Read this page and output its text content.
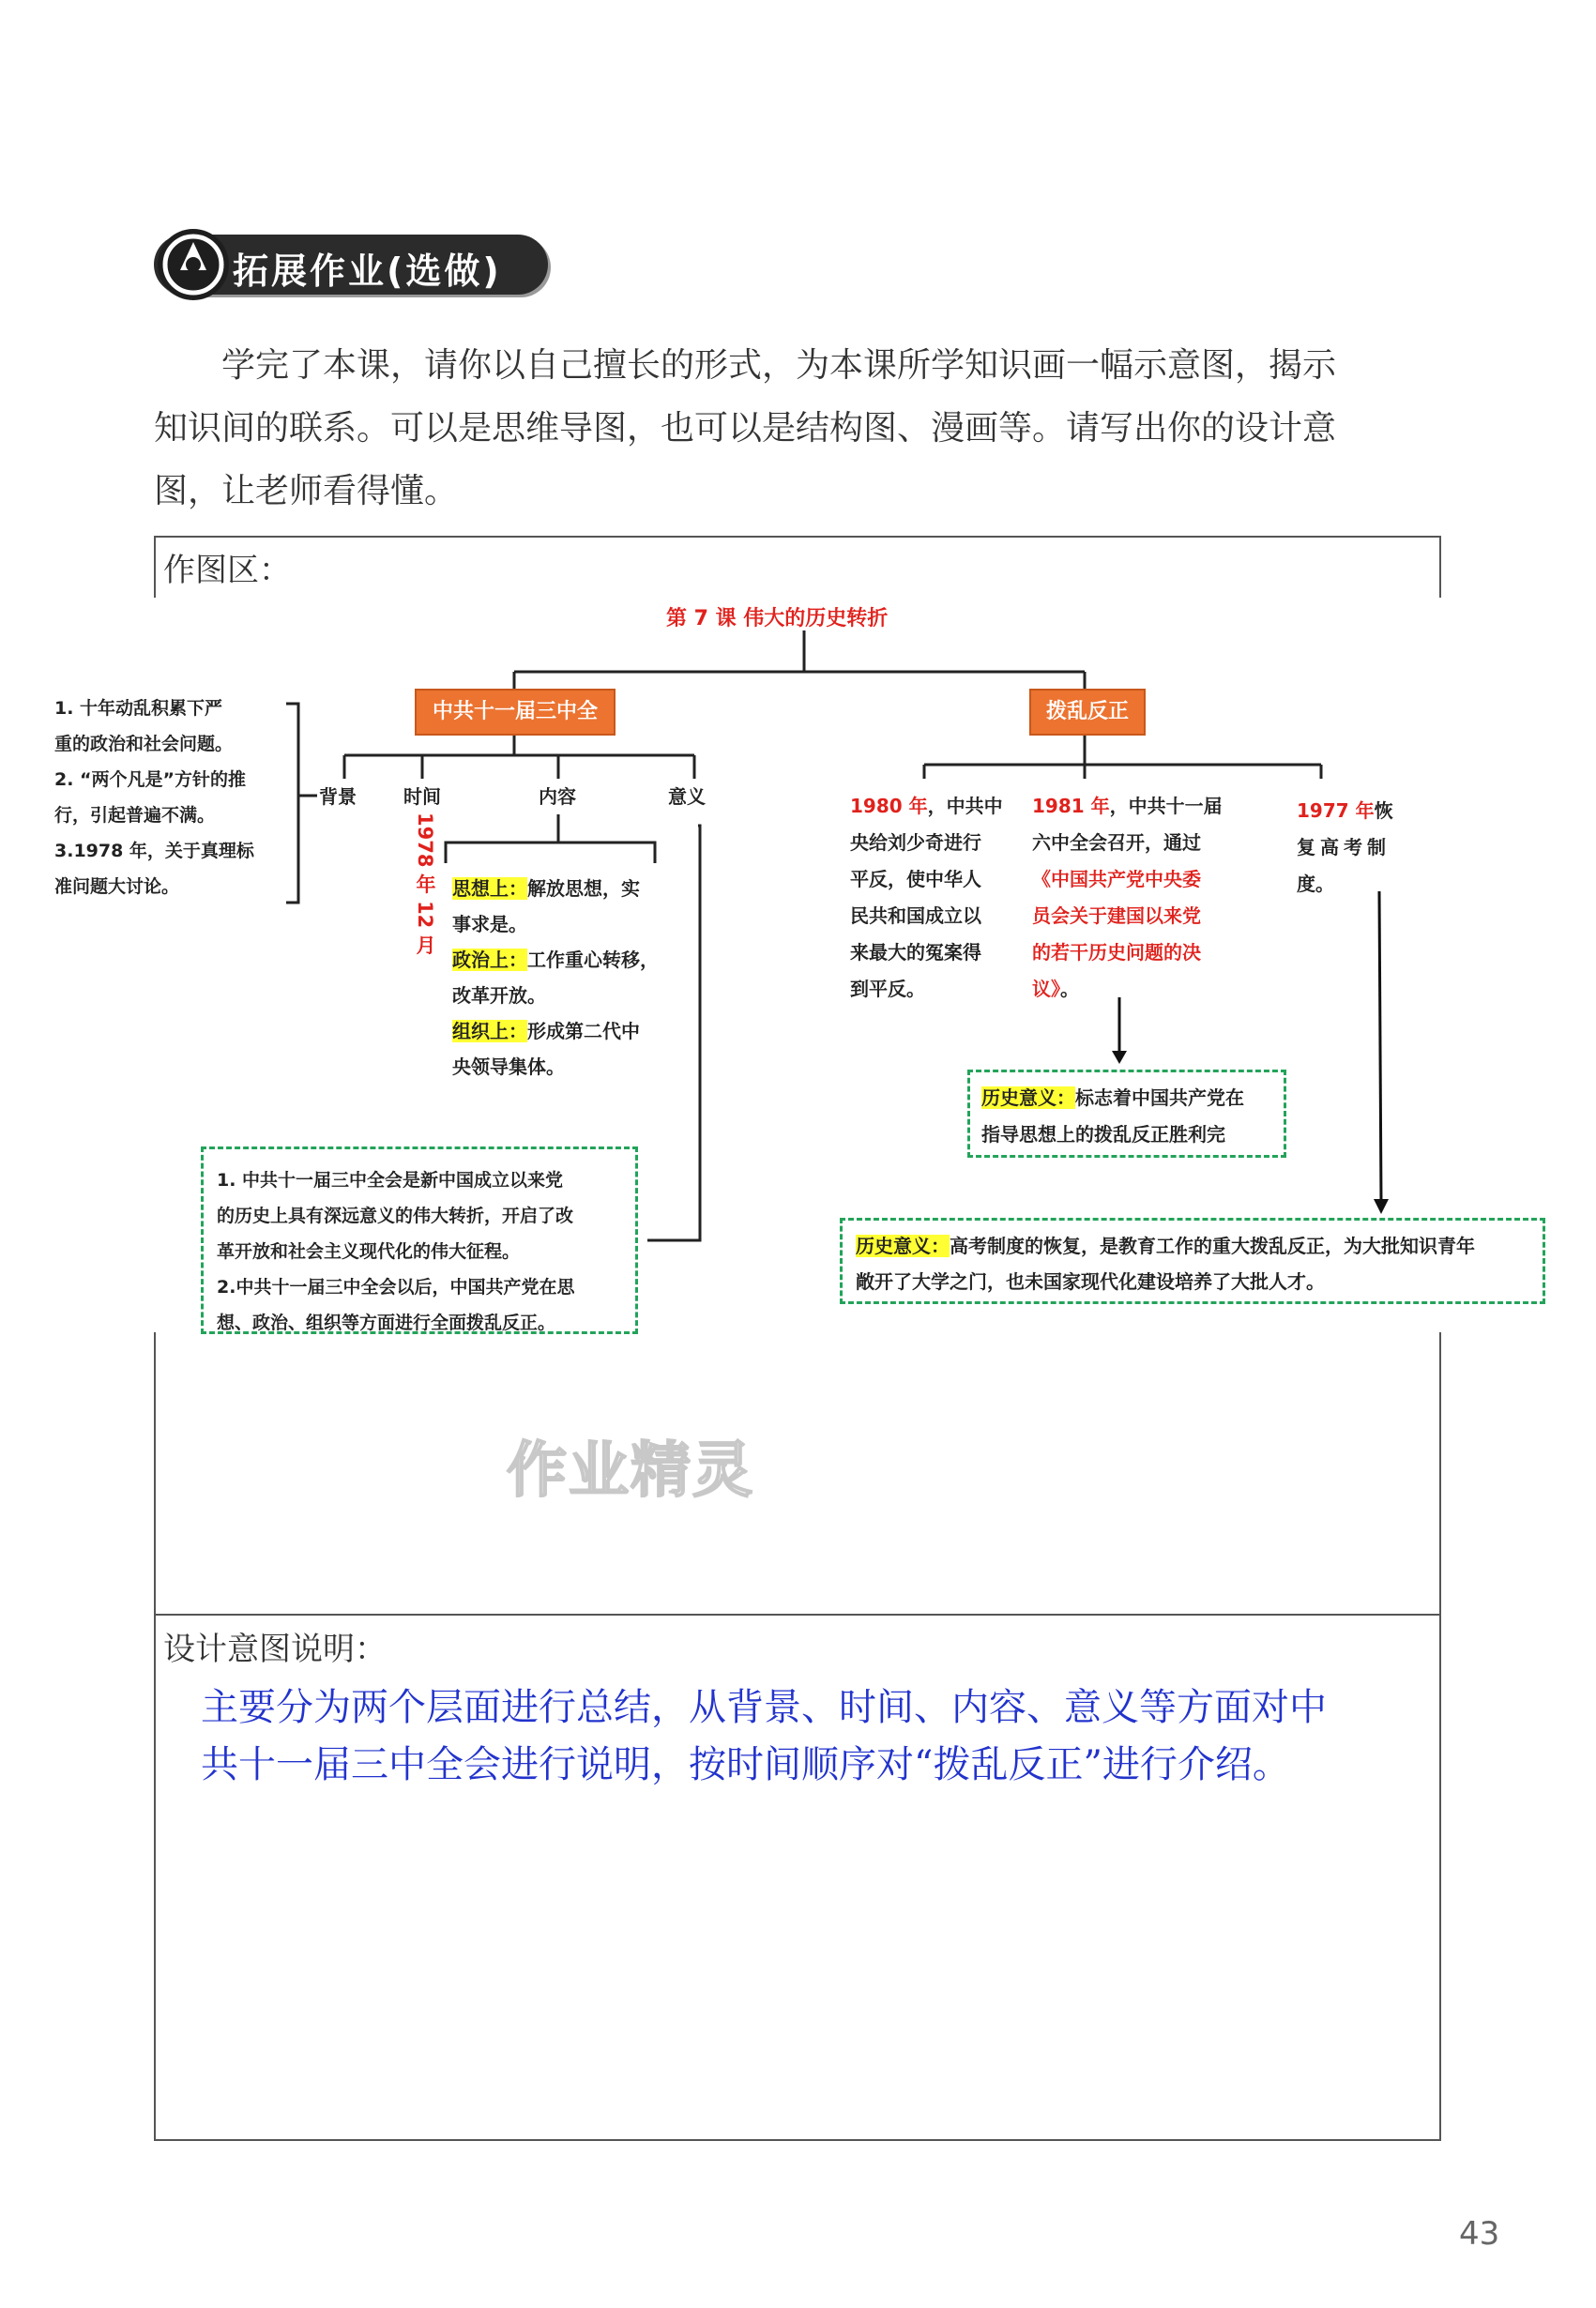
拓展作业(选做)
学完了本课，请你以自己擅长的形式，为本课所学知识画一幅示意图，揭示
知识间的联系。可以是思维导图，也可以是结构图、漫画等。请写出你的设计意
图，让老师看得懂。
作图区：
设计意图说明：
第 7 课 伟大的历史转折
中共十一届三中全	拨乱反正
背景	时间	内容	意义
1. 十年动乱积累下严
重的政治和社会问题。
2. “两个凡是”方针的推
行，引起普遍不满。
3.1978 年，关于真理标
准问题大讨论。	1978 年 12 月 思想上：解放思想，实
事求是。
政治上：工作重心转移，
改革开放。
组织上：形成第二代中
央领导集体。
1. 中共十一届三中全会是新中国成立以来党
的历史上具有深远意义的伟大转折，开启了改
革开放和社会主义现代化的伟大征程。
2.中共十一届三中全会以后，中国共产党在思
想、政治、组织等方面进行全面拨乱反正。
1980 年，中共中
央给刘少奇进行
平反，使中华人
民共和国成立以
来最大的冤案得
到平反。
1981 年，中共十一届
六中全会召开，通过
《中国共产党中央委
员会关于建国以来党
的若干历史问题的决
议》。
1977 年恢
复高考制
度。
历史意义：标志着中国共产党在
指导思想上的拨乱反正胜利完
历史意义：高考制度的恢复，是教育工作的重大拨乱反正，为大批知识青年
敞开了大学之门，也未国家现代化建设培养了大批人才。
作业精灵
主要分为两个层面进行总结，从背景、时间、内容、意义等方面对中
共十一届三中全会进行说明，按时间顺序对“拨乱反正”进行介绍。
43
